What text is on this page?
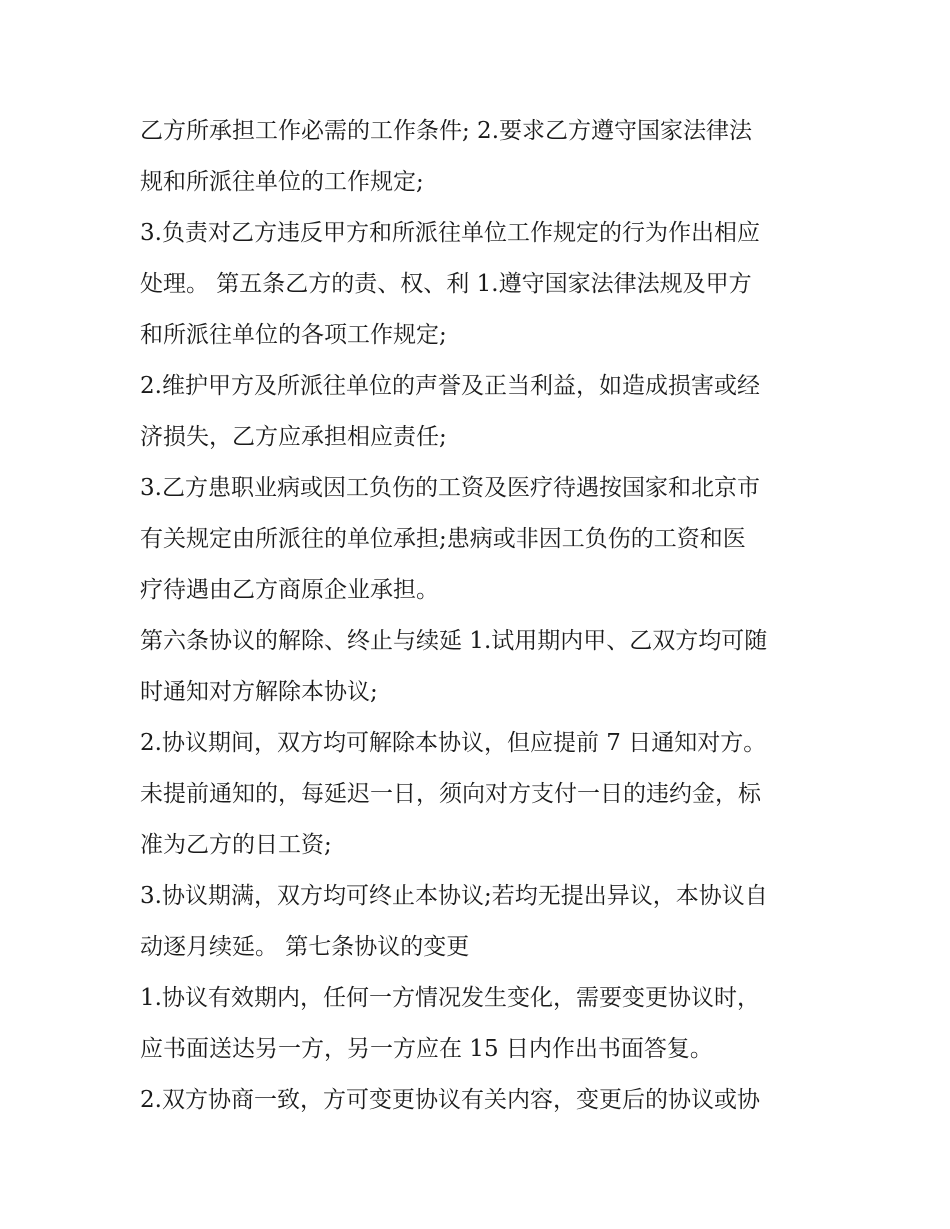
乙方所承担工作必需的工作条件; 2.要求乙方遵守国家法律法

规和所派往单位的工作规定;

3.负责对乙方违反甲方和所派往单位工作规定的行为作出相应

处理。 第五条乙方的责、权、利 1.遵守国家法律法规及甲方

和所派往单位的各项工作规定;

2.维护甲方及所派往单位的声誉及正当利益，如造成损害或经

济损失，乙方应承担相应责任;

3.乙方患职业病或因工负伤的工资及医疗待遇按国家和北京市

有关规定由所派往的单位承担;患病或非因工负伤的工资和医

疗待遇由乙方商原企业承担。

第六条协议的解除、终止与续延 1.试用期内甲、乙双方均可随

时通知对方解除本协议;

2.协议期间，双方均可解除本协议，但应提前 7 日通知对方。

未提前通知的，每延迟一日，须向对方支付一日的违约金，标

准为乙方的日工资;

3.协议期满，双方均可终止本协议;若均无提出异议，本协议自

动逐月续延。 第七条协议的变更

1.协议有效期内，任何一方情况发生变化，需要变更协议时，

应书面送达另一方，另一方应在 15 日内作出书面答复。

2.双方协商一致，方可变更协议有关内容，变更后的协议或协
